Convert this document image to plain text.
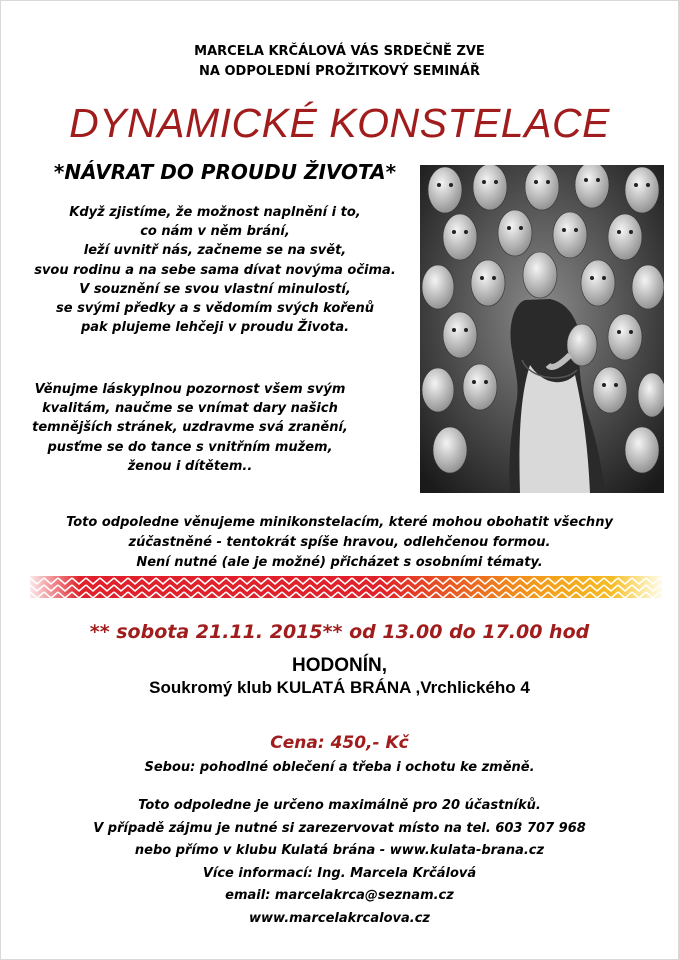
MARCELA KRČÁLOVÁ VÁS SRDEČNĚ ZVE
NA ODPOLEDNÍ PROŽITKOVÝ SEMINÁŘ
DYNAMICKÉ KONSTELACE
*NÁVRAT DO PROUDU ŽIVOTA*
Když zjistíme, že možnost naplnění i to,
co nám v něm brání,
leží uvnitř nás, začneme se na svět,
svou rodinu a na sebe sama dívat novýma očima.
V souznění se svou vlastní minulostí,
se svými předky a s vědomím svých kořenů
pak plujeme lehčeji v proudu Života.
Věnujme láskyplnou pozornost všem svým
kvalitám, naučme se vnímat dary našich
temnějších stránek, uzdravme svá zranění,
pusťme se do tance s vnitřním mužem,
ženou i dítětem..
Toto odpoledne věnujeme minikonstelacím, které mohou obohatit všechny
zúčastněné - tentokrát spíše hravou, odlehčenou formou.
Není nutné (ale je možné) přicházet s osobními tématy.
** sobota 21.11. 2015** od 13.00 do 17.00 hod
HODONÍN,
Soukromý klub KULATÁ BRÁNA ,Vrchlického 4
Cena: 450,- Kč
Sebou: pohodlné oblečení a třeba i ochotu ke změně.
Toto odpoledne je určeno maximálně pro 20 účastníků.
V případě zájmu je nutné si zarezervovat místo na tel. 603 707 968
nebo přímo v klubu Kulatá brána - www.kulata-brana.cz
Více informací: Ing. Marcela Krčálová
email: marcelakrca@seznam.cz
www.marcelakrcalova.cz
